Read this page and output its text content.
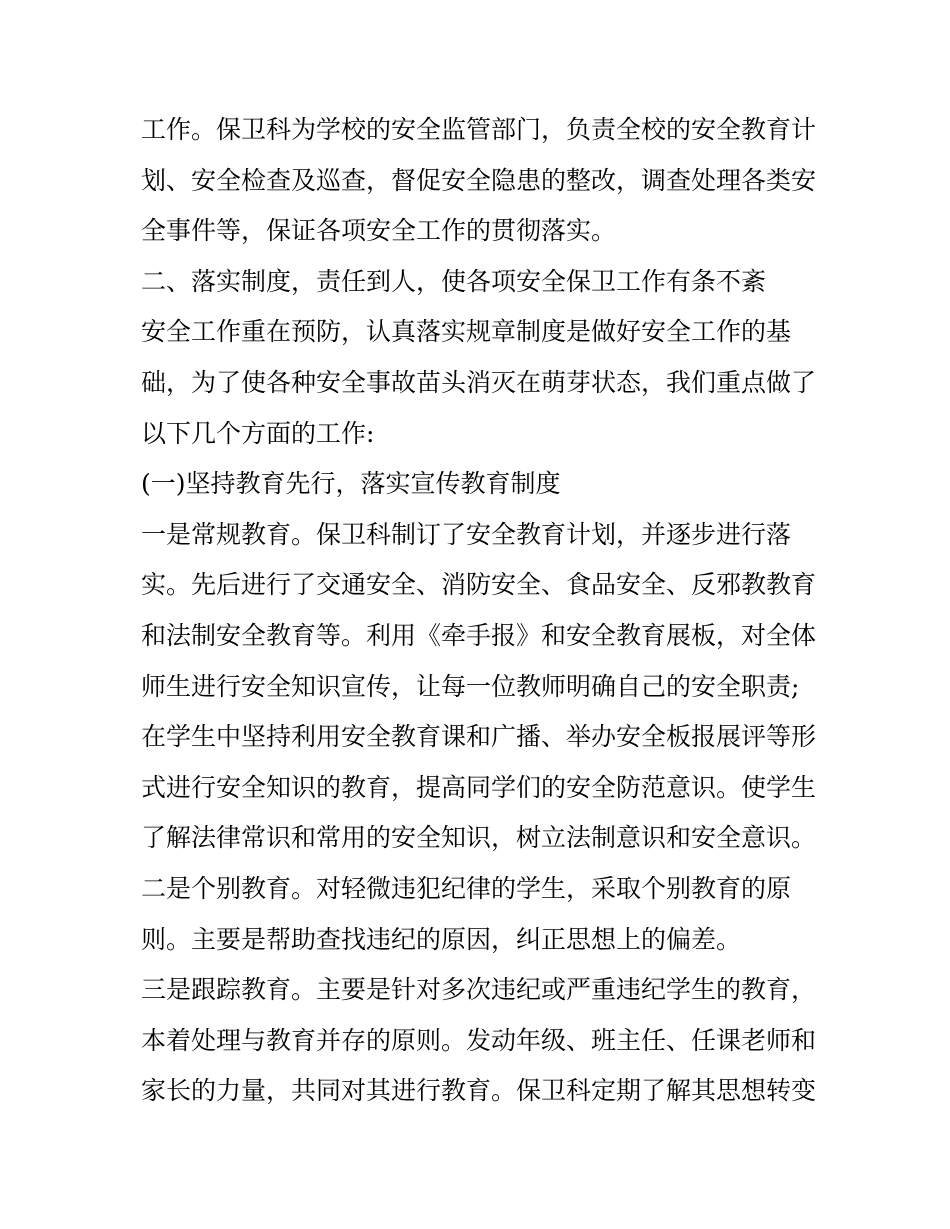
工作。保卫科为学校的安全监管部门，负责全校的安全教育计
划、安全检查及巡查，督促安全隐患的整改，调查处理各类安
全事件等，保证各项安全工作的贯彻落实。
二、落实制度，责任到人，使各项安全保卫工作有条不紊
安全工作重在预防，认真落实规章制度是做好安全工作的基
础，为了使各种安全事故苗头消灭在萌芽状态，我们重点做了
以下几个方面的工作:
(一)坚持教育先行，落实宣传教育制度
一是常规教育。保卫科制订了安全教育计划，并逐步进行落
实。先后进行了交通安全、消防安全、食品安全、反邪教教育
和法制安全教育等。利用《牵手报》和安全教育展板，对全体
师生进行安全知识宣传，让每一位教师明确自己的安全职责;
在学生中坚持利用安全教育课和广播、举办安全板报展评等形
式进行安全知识的教育，提高同学们的安全防范意识。使学生
了解法律常识和常用的安全知识，树立法制意识和安全意识。
二是个别教育。对轻微违犯纪律的学生，采取个别教育的原
则。主要是帮助查找违纪的原因，纠正思想上的偏差。
三是跟踪教育。主要是针对多次违纪或严重违纪学生的教育，
本着处理与教育并存的原则。发动年级、班主任、任课老师和
家长的力量，共同对其进行教育。保卫科定期了解其思想转变
